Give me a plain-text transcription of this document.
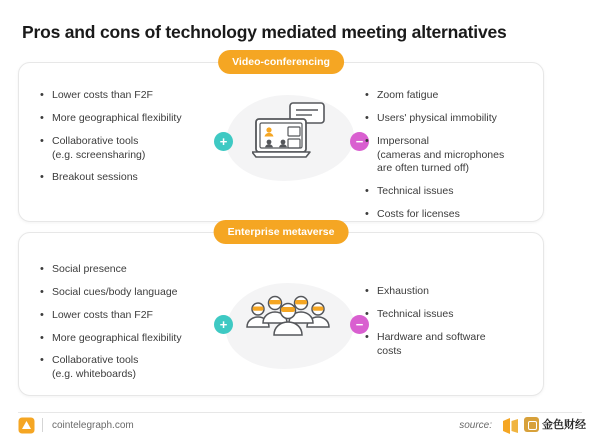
Pros and cons of technology mediated meeting alternatives
Video-conferencing
• Lower costs than F2F
• More geographical flexibility
• Collaborative tools
(e.g. screensharing)
• Breakout sessions
+	−
• Zoom fatigue
• Users' physical immobility
• Impersonal
(cameras and microphones
are often turned off)
• Technical issues
• Costs for licenses
Enterprise metaverse
• Social presence
• Social cues/body language
• Lower costs than F2F
• More geographical flexibility
• Collaborative tools
(e.g. whiteboards)
+	−
• Exhaustion
• Technical issues
• Hardware and software
costs
cointelegraph.com	source:	金色财经
